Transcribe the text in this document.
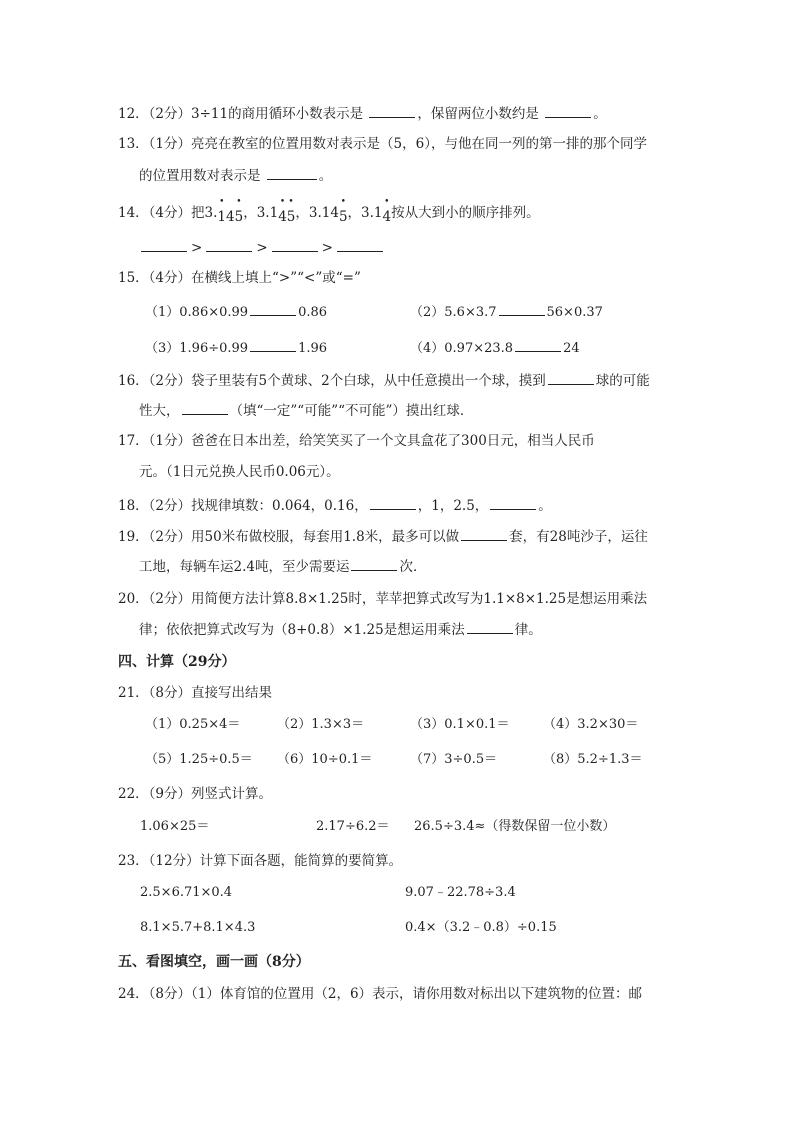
12．（2分）3÷11的商用循环小数表示是	，保留两位小数约是	。
13．（1分）亮亮在教室的位置用数对表示是（5，6），与他在同一列的第一排的那个同学
的位置用数对表示是	。
14．（4分）把3.• 14• 5，3.1• 4• 5，3.14• 5，3.1• 4按从大到小的顺序排列。
>	>	>
15．（4分）在横线上填上“>”“<”或“=”
（1）0.86×0.99	0.86	（2）5.6×3.7	56×0.37
（3）1.96÷0.99	1.96	（4）0.97×23.8	24
16．（2分）袋子里装有5个黄球、2个白球，从中任意摸出一个球，摸到	球的可能
性大，	（填“一定”“可能”“不可能”）摸出红球．
17．（1分）爸爸在日本出差，给笑笑买了一个文具盒花了300日元，相当人民币
元。（1日元兑换人民币0.06元）。
18．（2分）找规律填数：0.064，0.16，	，1，2.5，	。
19．（2分）用50米布做校服，每套用1.8米，最多可以做	套，有28吨沙子，运往
工地，每辆车运2.4吨，至少需要运	次．
20．（2分）用简便方法计算8.8×1.25时，苹苹把算式改写为1.1×8×1.25是想运用乘法
律；依依把算式改写为（8+0.8）×1.25是想运用乘法	律。
四、计算（29分）
21．（8分）直接写出结果
（1）0.25×4＝	（2）1.3×3＝	（3）0.1×0.1＝	（4）3.2×30＝
（5）1.25÷0.5＝ （6）10÷0.1＝	（7）3÷0.5＝	（8）5.2÷1.3＝
22．（9分）列竖式计算。
1.06×25＝	2.17÷6.2＝ 26.5÷3.4≈（得数保留一位小数）
23．（12分）计算下面各题，能简算的要简算。
2.5×6.71×0.4	9.07﹣22.78÷3.4
8.1×5.7+8.1×4.3	0.4×（3.2﹣0.8）÷0.15
五、看图填空，画一画（8分）
24．（8分）（1）体育馆的位置用（2，6）表示，请你用数对标出以下建筑物的位置：邮
